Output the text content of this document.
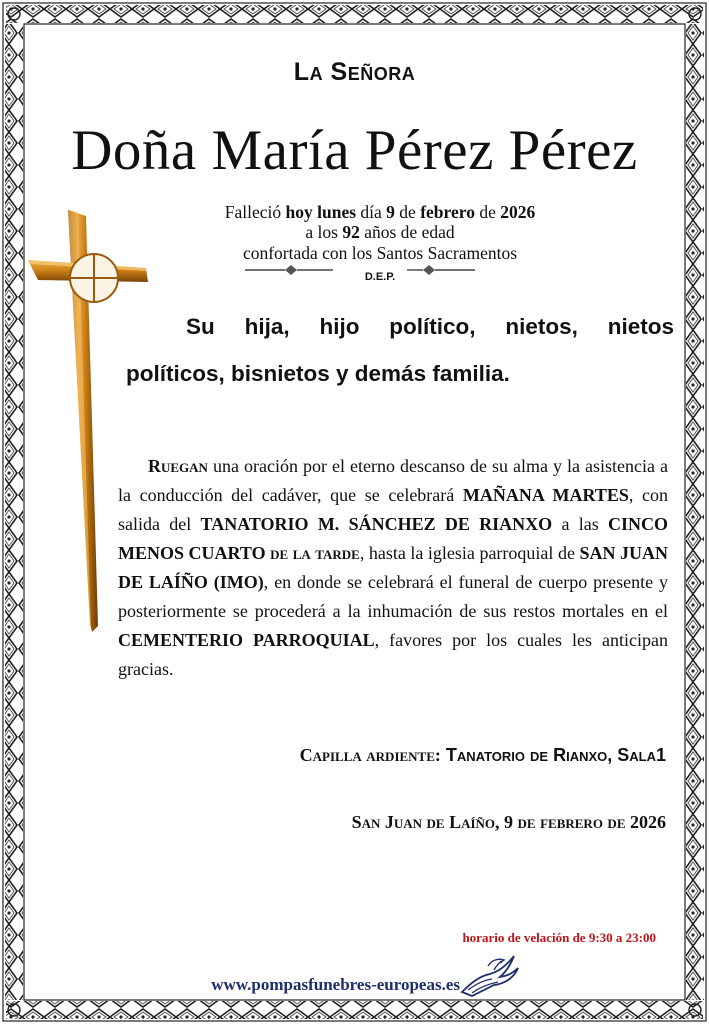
La Señora
Doña María Pérez Pérez
Falleció hoy lunes día 9 de febrero de 2026
a los 92 años de edad
confortada con los Santos Sacramentos
D.E.P.
Su hija, hijo político, nietos, nietos
políticos, bisnietos y demás familia.
Ruegan una oración por el eterno descanso de su alma y la asistencia a la conducción del cadáver, que se celebrará MAÑANA MARTES, con salida del TANATORIO M. SÁNCHEZ DE RIANXO a las CINCO MENOS CUARTO de la tarde, hasta la iglesia parroquial de SAN JUAN DE LAÍÑO (IMO), en donde se celebrará el funeral de cuerpo presente y posteriormente se procederá a la inhumación de sus restos mortales en el CEMENTERIO PARROQUIAL, favores por los cuales les anticipan gracias.
Capilla ardiente: Tanatorio de Rianxo, Sala1
San Juan de Laíño, 9 de febrero de 2026
horario de velación de 9:30 a 23:00
www.pompasfunebres-europeas.es
